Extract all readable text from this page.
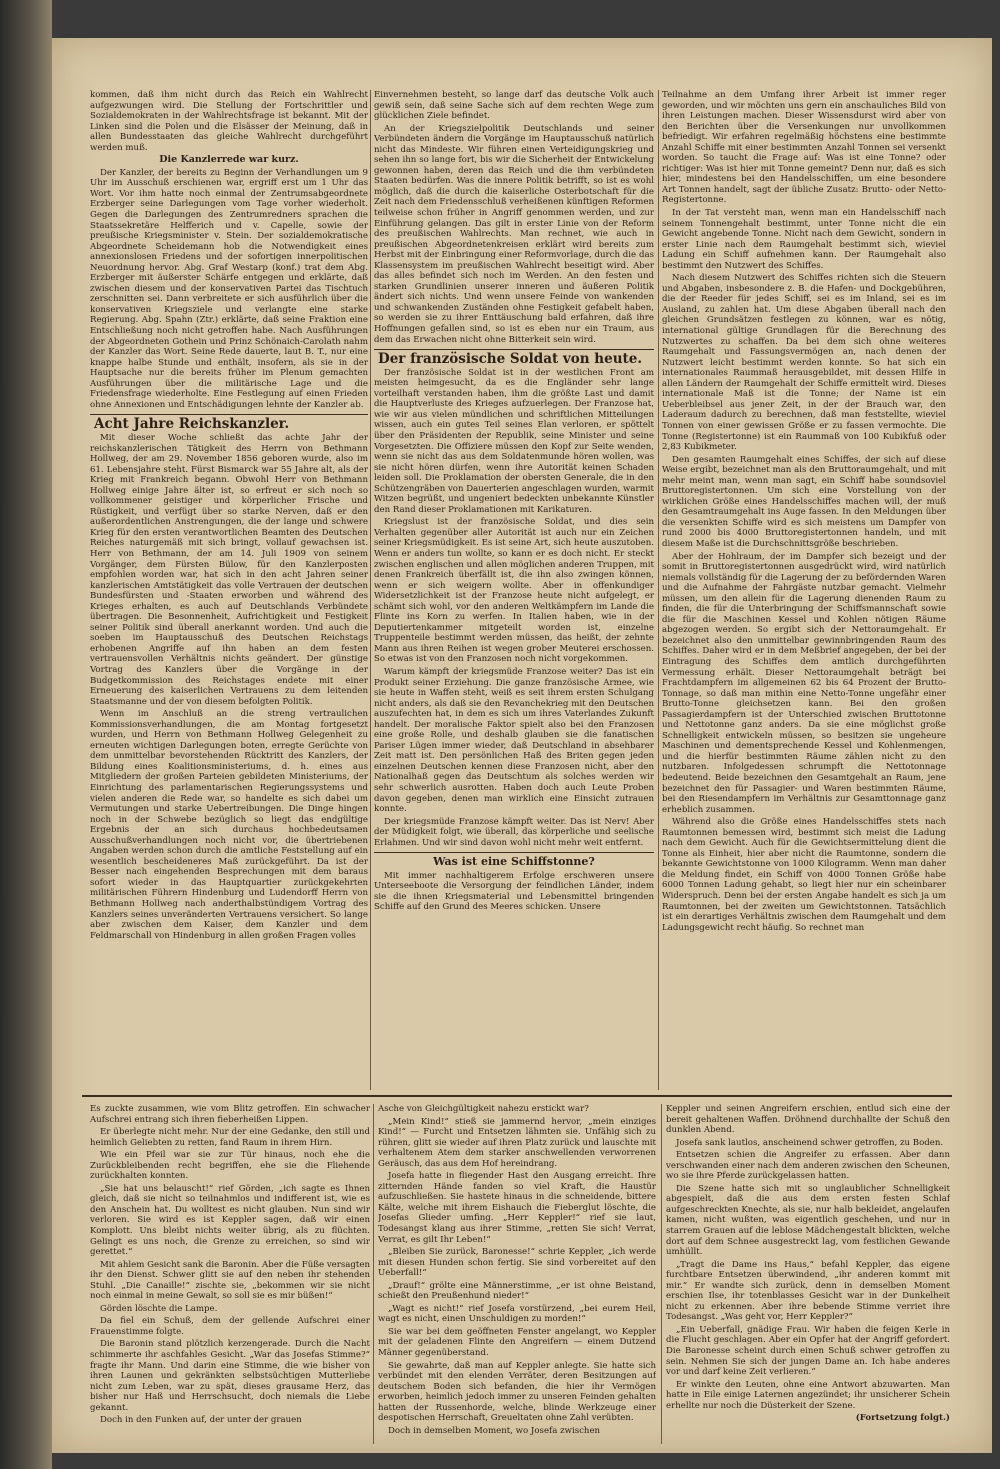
kommen, daß ihm nicht durch das Reich ein Wahlrecht aufgezwungen wird. Die Stellung der Fortschrittler und Sozialdemokraten in der Wahlrechtsfrage ist bekannt. Mit der Linken sind die Polen und die Elsässer der Meinung, daß in allen Bundesstaaten das gleiche Wahlrecht durchgeführt werden muß.

Die Kanzlerrede war kurz.

Der Kanzler, der bereits zu Beginn der Verhandlungen um 9 Uhr im Ausschuß erschienen war, ergriff erst um 1 Uhr das Wort. Vor ihm hatte noch einmal der Zentrumsabgeordnete Erzberger seine Darlegungen vom Tage vorher wiederholt. Gegen die Darlegungen des Zentrumredners sprachen die Staatssekretäre Helfferich und v. Capelle, sowie der preußische Kriegsminister v. Stein. Der sozialdemokratische Abgeordnete Scheidemann hob die Notwendigkeit eines annexionslosen Friedens und der sofortigen innerpolitischen Neuordnung hervor. Abg. Graf Westarp (konf.) trat dem Abg. Erzberger mit äußerster Schärfe entgegen und erklärte, daß zwischen diesem und der konservativen Partei das Tischtuch zerschnitten sei. Dann verbreitete er sich ausführlich über die konservativen Kriegsziele und verlangte eine starke Regierung. Abg. Spahn (Ztr.) erklärte, daß seine Fraktion eine Entschließung noch nicht getroffen habe. Nach Ausführungen der Abgeordneten Gothein und Prinz Schönaich-Carolath nahm der Kanzler das Wort. Seine Rede dauerte, laut B. T., nur eine knappe halbe Stunde und enthält, insofern, als sie in der Hauptsache nur die bereits früher im Plenum gemachten Ausführungen über die militärische Lage und die Friedensfrage wiederholte. Eine Festlegung auf einen Frieden ohne Annexionen und Entschädigungen lehnte der Kanzler ab.

Acht Jahre Reichskanzler.

Mit dieser Woche schließt das achte Jahr der reichskanzlerischen Tätigkeit des Herrn von Bethmann Hollweg, der am 29. November 1856 geboren wurde, also im 61. Lebensjahre steht. Fürst Bismarck war 55 Jahre alt, als der Krieg mit Frankreich begann. Obwohl Herr von Bethmann Hollweg einige Jahre älter ist, so erfreut er sich noch so vollkommener geistiger und körperlicher Frische und Rüstigkeit, und verfügt über so starke Nerven, daß er den außerordentlichen Anstrengungen, die der lange und schwere Krieg für den ersten verantwortlichen Beamten des Deutschen Reiches naturgemäß mit sich bringt, vollauf gewachsen ist. Herr von Bethmann, der am 14. Juli 1909 von seinem Vorgänger, dem Fürsten Bülow, für den Kanzlerposten empfohlen worden war, hat sich in den acht Jahren seiner kanzlerischen Amtstätigkeit das volle Vertrauen der deutschen Bundesfürsten und -Staaten erworben und während des Krieges erhalten, es auch auf Deutschlands Verbündete übertragen. Die Besonnenheit, Aufrichtigkeit und Festigkeit seiner Politik sind überall anerkannt worden. Und auch die soeben im Hauptausschuß des Deutschen Reichstags erhobenen Angriffe auf ihn haben an dem festen vertrauensvollen Verhältnis nichts geändert. Der günstige Vortrag des Kanzlers über die Vorgänge in der Budgetkommission des Reichstages endete mit einer Erneuerung des kaiserlichen Vertrauens zu dem leitenden Staatsmanne und der von diesem befolgten Politik.

Wenn im Anschluß an die streng vertraulichen Kommissionsverhandlungen, die am Montag fortgesetzt wurden, und Herrn von Bethmann Hollweg Gelegenheit zu erneuten wichtigen Darlegungen boten, erregte Gerüchte von dem unmittelbar bevorstehenden Rücktritt des Kanzlers, der Bildung eines Koalitionsministeriums, d. h. eines aus Mitgliedern der großen Parteien gebildeten Ministeriums, der Einrichtung des parlamentarischen Regierungssystems und vielen anderen die Rede war, so handelte es sich dabei um Vermutungen und starke Uebertreibungen. Die Dinge hingen noch in der Schwebe bezüglich so liegt das endgültige Ergebnis der an sich durchaus hochbedeutsamen Ausschußverhandlungen noch nicht vor, die übertriebenen Angaben werden schon durch die amtliche Feststellung auf ein wesentlich bescheideneres Maß zurückgeführt. Da ist der Besser nach eingehenden Besprechungen mit dem baraus sofort wieder in das Hauptquartier zurückgekehrten militärischen Führern Hindenburg und Ludendorff Herrn von Bethmann Hollweg nach anderthalbstündigem Vortrag des Kanzlers seines unveränderten Vertrauens versichert. So lange aber zwischen dem Kaiser, dem Kanzler und dem Feldmarschall von Hindenburg in allen großen Fragen volles

Einvernehmen besteht, so lange darf das deutsche Volk auch gewiß sein, daß seine Sache sich auf dem rechten Wege zum glücklichen Ziele befindet.

An der Kriegszielpolitik Deutschlands und seiner Verbündeten ändern die Vorgänge im Hauptausschuß natürlich nicht das Mindeste. Wir führen einen Verteidigungskrieg und sehen ihn so lange fort, bis wir die Sicherheit der Entwickelung gewonnen haben, deren das Reich und die ihm verbündeten Staaten bedürfen. Was die innere Politik betrifft, so ist es wohl möglich, daß die durch die kaiserliche Osterbotschaft für die Zeit nach dem Friedensschluß verheißenen künftigen Reformen teilweise schon früher in Angriff genommen werden, und zur Einführung gelangen. Das gilt in erster Linie von der Reform des preußischen Wahlrechts. Man rechnet, wie auch in preußischen Abgeordnetenkreisen erklärt wird bereits zum Herbst mit der Einbringung einer Reformvorlage, durch die das Klassensystem im preußischen Wahlrecht beseitigt wird. Aber das alles befindet sich noch im Werden. An den festen und starken Grundlinien unserer inneren und äußeren Politik ändert sich nichts. Und wenn unsere Feinde von wankenden und schwankenden Zuständen ohne Festigkeit gefabelt haben, so werden sie zu ihrer Enttäuschung bald erfahren, daß ihre Hoffnungen gefallen sind, so ist es eben nur ein Traum, aus dem das Erwachen nicht ohne Bitterkeit sein wird.

Der französische Soldat von heute.

Der französische Soldat ist in der westlichen Front am meisten heimgesucht, da es die Engländer sehr lange vorteilhaft verstanden haben, ihm die größte Last und damit die Hauptverluste des Krieges aufzuerlegen. Der Franzose hat, wie wir aus vielen mündlichen und schriftlichen Mitteilungen wissen, auch ein gutes Teil seines Elan verloren, er spöttelt über den Präsidenten der Republik, seine Minister und seine Vorgesetzten. Die Offiziere müssen den Kopf zur Seite wenden, wenn sie nicht das aus dem Soldatenmunde hören wollen, was sie nicht hören dürfen, wenn ihre Autorität keinen Schaden leiden soll. Die Proklamation der obersten Generale, die in den Schützengräben von Dauerterien angeschlagen wurden, warmit Witzen begrüßt, und ungeniert bedeckten unbekannte Künstler den Rand dieser Proklamationen mit Karikaturen.

Kriegslust ist der französische Soldat, und dies sein Verhalten gegenüber aller Autorität ist auch nur ein Zeichen seiner Kriegsmüdigkeit. Es ist seine Art, sich heute auszutoben. Wenn er anders tun wollte, so kann er es doch nicht. Er steckt zwischen englischen und allen möglichen anderen Truppen, mit denen Frankreich überfällt ist, die ihn also zwingen können, wenn er sich weigern wollte. Aber in offenkundiger Widersetzlichkeit ist der Franzose heute nicht aufgelegt, er schämt sich wohl, vor den anderen Weltkämpfern im Lande die Flinte ins Korn zu werfen. In Italien haben, wie in der Deputiertenkammer mitgeteilt worden ist, einzelne Truppenteile bestimmt werden müssen, das heißt, der zehnte Mann aus ihren Reihen ist wegen grober Meuterei erschossen. So etwas ist von den Franzosen noch nicht vorgekommen.

Warum kämpft der kriegsmüde Franzose weiter? Das ist ein Produkt seiner Erziehung. Die ganze französische Armee, wie sie heute in Waffen steht, weiß es seit ihrem ersten Schulgang nicht anders, als daß sie den Revanchekrieg mit den Deutschen auszufechten hat, in dem es sich um ihres Vaterlandes Zukunft handelt. Der moralische Faktor spielt also bei den Franzosen eine große Rolle, und deshalb glauben sie die fanatischen Pariser Lügen immer wieder, daß Deutschland in absehbarer Zeit matt ist. Den persönlichen Haß des Briten gegen jeden einzelnen Deutschen kennen diese Franzosen nicht, aber den Nationalhaß gegen das Deutschtum als solches werden wir sehr schwerlich ausrotten. Haben doch auch Leute Proben davon gegeben, denen man wirklich eine Einsicht zutrauen konnte.

Der kriegsmüde Franzose kämpft weiter. Das ist Nerv! Aber der Müdigkeit folgt, wie überall, das körperliche und seelische Erlahmen. Und wir sind davon wohl nicht mehr weit entfernt.

Was ist eine Schiffstonne?

Mit immer nachhaltigerem Erfolge erschweren unsere Unterseeboote die Versorgung der feindlichen Länder, indem sie die ihnen Kriegsmaterial und Lebensmittel bringenden Schiffe auf den Grund des Meeres schicken. Unsere

Teilnahme an dem Umfang ihrer Arbeit ist immer reger geworden, und wir möchten uns gern ein anschauliches Bild von ihren Leistungen machen. Dieser Wissensdurst wird aber von den Berichten über die Versenkungen nur unvollkommen befriedigt. Wir erfahren regelmäßig höchstens eine bestimmte Anzahl Schiffe mit einer bestimmten Anzahl Tonnen sei versenkt worden. So taucht die Frage auf: Was ist eine Tonne? oder richtiger: Was ist hier mit Tonne gemeint? Denn nur, daß es sich hier, mindestens bei den Handelsschiffen, um eine besondere Art Tonnen handelt, sagt der übliche Zusatz: Brutto- oder Netto-Registertonne.

In der Tat versteht man, wenn man ein Handelsschiff nach seinem Tonnengehalt bestimmt, unter Tonne nicht die ein Gewicht angebende Tonne. Nicht nach dem Gewicht, sondern in erster Linie nach dem Raumgehalt bestimmt sich, wieviel Ladung ein Schiff aufnehmen kann. Der Raumgehalt also bestimmt den Nutzwert des Schiffes.

Nach diesem Nutzwert des Schiffes richten sich die Steuern und Abgaben, insbesondere z. B. die Hafen- und Dockgebühren, die der Reeder für jedes Schiff, sei es im Inland, sei es im Ausland, zu zahlen hat. Um diese Abgaben überall nach den gleichen Grundsätzen festlegen zu können, war es nötig, international gültige Grundlagen für die Berechnung des Nutzwertes zu schaffen. Da bei dem sich ohne weiteres Raumgehalt und Fassungsvermögen an, nach denen der Nutzwert leicht bestimmt werden konnte. So hat sich ein internationales Raummaß herausgebildet, mit dessen Hilfe in allen Ländern der Raumgehalt der Schiffe ermittelt wird. Dieses internationale Maß ist die Tonne; der Name ist ein Ueberbleibsel aus jener Zeit, in der der Brauch war, den Laderaum dadurch zu berechnen, daß man feststellte, wieviel Tonnen von einer gewissen Größe er zu fassen vermochte. Die Tonne (Registertonne) ist ein Raummaß von 100 Kubikfuß oder 2,83 Kubikmeter.

Den gesamten Raumgehalt eines Schiffes, der sich auf diese Weise ergibt, bezeichnet man als den Bruttoraumgehalt, und mit mehr meint man, wenn man sagt, ein Schiff habe soundsoviel Bruttoregistertonnen. Um sich eine Vorstellung von der wirklichen Größe eines Handelsschiffes machen will, der muß den Gesamtraumgehalt ins Auge fassen. In den Meldungen über die versenkten Schiffe wird es sich meistens um Dampfer von rund 2000 bis 4000 Bruttoregistertonnen handeln, und mit diesem Maße ist die Durchschnittsgröße beschrieben.

Aber der Hohlraum, der im Dampfer sich bezeigt und der somit in Bruttoregistertonnen ausgedrückt wird, wird natürlich niemals vollständig für die Lagerung der zu befördernden Waren und die Aufnahme der Fahrgäste nutzbar gemacht. Vielmehr müssen, um den allein für die Lagerung dienenden Raum zu finden, die für die Unterbringung der Schiffsmannschaft sowie die für die Maschinen Kessel und Kohlen nötigen Räume abgezogen werden. So ergibt sich der Nettoraumgehalt. Er bezeichnet also den unmittelbar gewinnbringenden Raum des Schiffes. Daher wird er in dem Meßbrief angegeben, der bei der Eintragung des Schiffes dem amtlich durchgeführten Vermessung erhält. Dieser Nettoraumgehalt beträgt bei Frachtdampfern im allgemeinen 62 bis 64 Prozent der Brutto-Tonnage, so daß man mithin eine Netto-Tonne ungefähr einer Brutto-Tonne gleichsetzen kann. Bei den großen Passagierdampfern ist der Unterschied zwischen Bruttotonne und Nettotonne ganz anders. Da sie eine möglichst große Schnelligkeit entwickeln müssen, so besitzen sie ungeheure Maschinen und dementsprechende Kessel und Kohlenmengen, und die hierfür bestimmten Räume zählen nicht zu den nutzbaren. Infolgedessen schrumpft die Nettotonnage bedeutend. Beide bezeichnen den Gesamtgehalt an Raum, jene bezeichnet den für Passagier- und Waren bestimmten Räume, bei den Riesendampfern im Verhältnis zur Gesamttonnage ganz erheblich zusammen.

Während also die Größe eines Handelsschiffes stets nach Raumtonnen bemessen wird, bestimmt sich meist die Ladung nach dem Gewicht. Auch für die Gewichtsermittelung dient die Tonne als Einheit, hier aber nicht die Raumtonne, sondern die bekannte Gewichtstonne von 1000 Kilogramm. Wenn man daher die Meldung findet, ein Schiff von 4000 Tonnen Größe habe 6000 Tonnen Ladung gehabt, so liegt hier nur ein scheinbarer Widerspruch. Denn bei der ersten Angabe handelt es sich ja um Raumtonnen, bei der zweiten um Gewichtstonnen. Tatsächlich ist ein derartiges Verhältnis zwischen dem Raumgehalt und dem Ladungsgewicht recht häufig. So rechnet man

Es zuckte zusammen, wie vom Blitz getroffen. Ein schwacher Aufschrei entrang sich ihren fieberheißen Lippen.

Er überlegte nicht mehr. Nur der eine Gedanke, den still und heimlich Geliebten zu retten, fand Raum in ihrem Hirn.

Wie ein Pfeil war sie zur Tür hinaus, noch ehe die Zurückbleibenden recht begriffen, ehe sie die Fliehende zurückhalten konnten.

„Sie hat uns belauscht!“ rief Görden, „ich sagte es Ihnen gleich, daß sie nicht so teilnahmlos und indifferent ist, wie es den Anschein hat. Du wolltest es nicht glauben. Nun sind wir verloren. Sie wird es ist Keppler sagen, daß wir einen Komplott. Uns bleibt nichts weiter übrig, als zu flüchten. Gelingt es uns noch, die Grenze zu erreichen, so sind wir gerettet.“

Mit ahlem Gesicht sank die Baronin. Aber die Füße versagten ihr den Dienst. Schwer glitt sie auf den neben ihr stehenden Stuhl. „Die Canaille!“ zischte sie, „bekommen wir sie nicht noch einmal in meine Gewalt, so soll sie es mir büßen!“

Görden löschte die Lampe.

Da fiel ein Schuß, dem der gellende Aufschrei einer Frauenstimme folgte.

Die Baronin stand plötzlich kerzengerade. Durch die Nacht schimmerte ihr aschfahles Gesicht. „War das Josefas Stimme?“ fragte ihr Mann. Und darin eine Stimme, die wie bisher von ihren Launen und gekränkten selbstsüchtigen Mutterliebe nicht zum Leben, war zu spät, dieses grausame Herz, das bisher nur Haß und Herrschsucht, doch niemals die Liebe gekannt.

Doch in den Funken auf, der unter der grauen

Asche von Gleichgültigkeit nahezu erstickt war?

„Mein Kind!“ stieß sie jammernd hervor, „mein einziges Kind!“ — Furcht und Entsetzen lähmten sie. Unfähig sich zu rühren, glitt sie wieder auf ihren Platz zurück und lauschte mit verhaltenem Atem dem starker anschwellenden verworrenen Geräusch, das aus dem Hof hereindrang.

Josefa hatte in fliegender Hast den Ausgang erreicht. Ihre zitternden Hände fanden so viel Kraft, die Haustür aufzuschließen. Sie hastete hinaus in die schneidende, bittere Kälte, welche mit ihrem Eishauch die Fieberglut löschte, die Josefas Glieder umfing. „Herr Keppler!“ rief sie laut, Todesangst klang aus ihrer Stimme, „retten Sie sich! Verrat, Verrat, es gilt Ihr Leben!“

„Bleiben Sie zurück, Baronesse!“ schrie Keppler, „ich werde mit diesen Hunden schon fertig. Sie sind vorbereitet auf den Ueberfall!“

„Drauf!“ grölte eine Männerstimme, „er ist ohne Beistand, schießt den Preußenhund nieder!“

„Wagt es nicht!“ rief Josefa vorstürzend, „bei eurem Heil, wagt es nicht, einen Unschuldigen zu morden!“

Sie war bei dem geöffneten Fenster angelangt, wo Keppler mit der geladenen Flinte den Angreifern — einem Dutzend Männer gegenüberstand.

Sie gewahrte, daß man auf Keppler anlegte. Sie hatte sich verbündet mit den elenden Verräter, deren Besitzungen auf deutschem Boden sich befanden, die hier ihr Vermögen erworben, heimlich jedoch immer zu unseren Feinden gehalten hatten der Russenhorde, welche, blinde Werkzeuge einer despotischen Herrschaft, Greueltaten ohne Zahl verübten.

Doch in demselben Moment, wo Josefa zwischen

Keppler und seinen Angreifern erschien, entlud sich eine der bereit gehaltenen Waffen. Dröhnend durchhallte der Schuß den dunklen Abend.

Josefa sank lautlos, anscheinend schwer getroffen, zu Boden.

Entsetzen schien die Angreifer zu erfassen. Aber dann verschwanden einer nach dem anderen zwischen den Scheunen, wo sie ihre Pferde zurückgelassen hatten.

Die Szene hatte sich mit so unglaublicher Schnelligkeit abgespielt, daß die aus dem ersten festen Schlaf aufgeschreckten Knechte, als sie, nur halb bekleidet, angelaufen kamen, nicht wußten, was eigentlich geschehen, und nur in starrem Grauen auf die leblose Mädchengestalt blickten, welche dort auf dem Schnee ausgestreckt lag, vom festlichen Gewande umhüllt.

„Tragt die Dame ins Haus,“ befahl Keppler, das eigene furchtbare Entsetzen überwindend, „ihr anderen kommt mit mir.“ Er wandte sich zurück, denn in demselben Moment erschien Ilse, ihr totenblasses Gesicht war in der Dunkelheit nicht zu erkennen. Aber ihre bebende Stimme verriet ihre Todesangst. „Was geht vor, Herr Keppler?“

„Ein Ueberfall, gnädige Frau. Wir haben die feigen Kerle in die Flucht geschlagen. Aber ein Opfer hat der Angriff gefordert. Die Baronesse scheint durch einen Schuß schwer getroffen zu sein. Nehmen Sie sich der jungen Dame an. Ich habe anderes vor und darf keine Zeit verlieren.“

Er winkte den Leuten, ohne eine Antwort abzuwarten. Man hatte in Eile einige Laternen angezündet; ihr unsicherer Schein erhellte nur noch die Düsterkeit der Szene.

(Fortsetzung folgt.)
